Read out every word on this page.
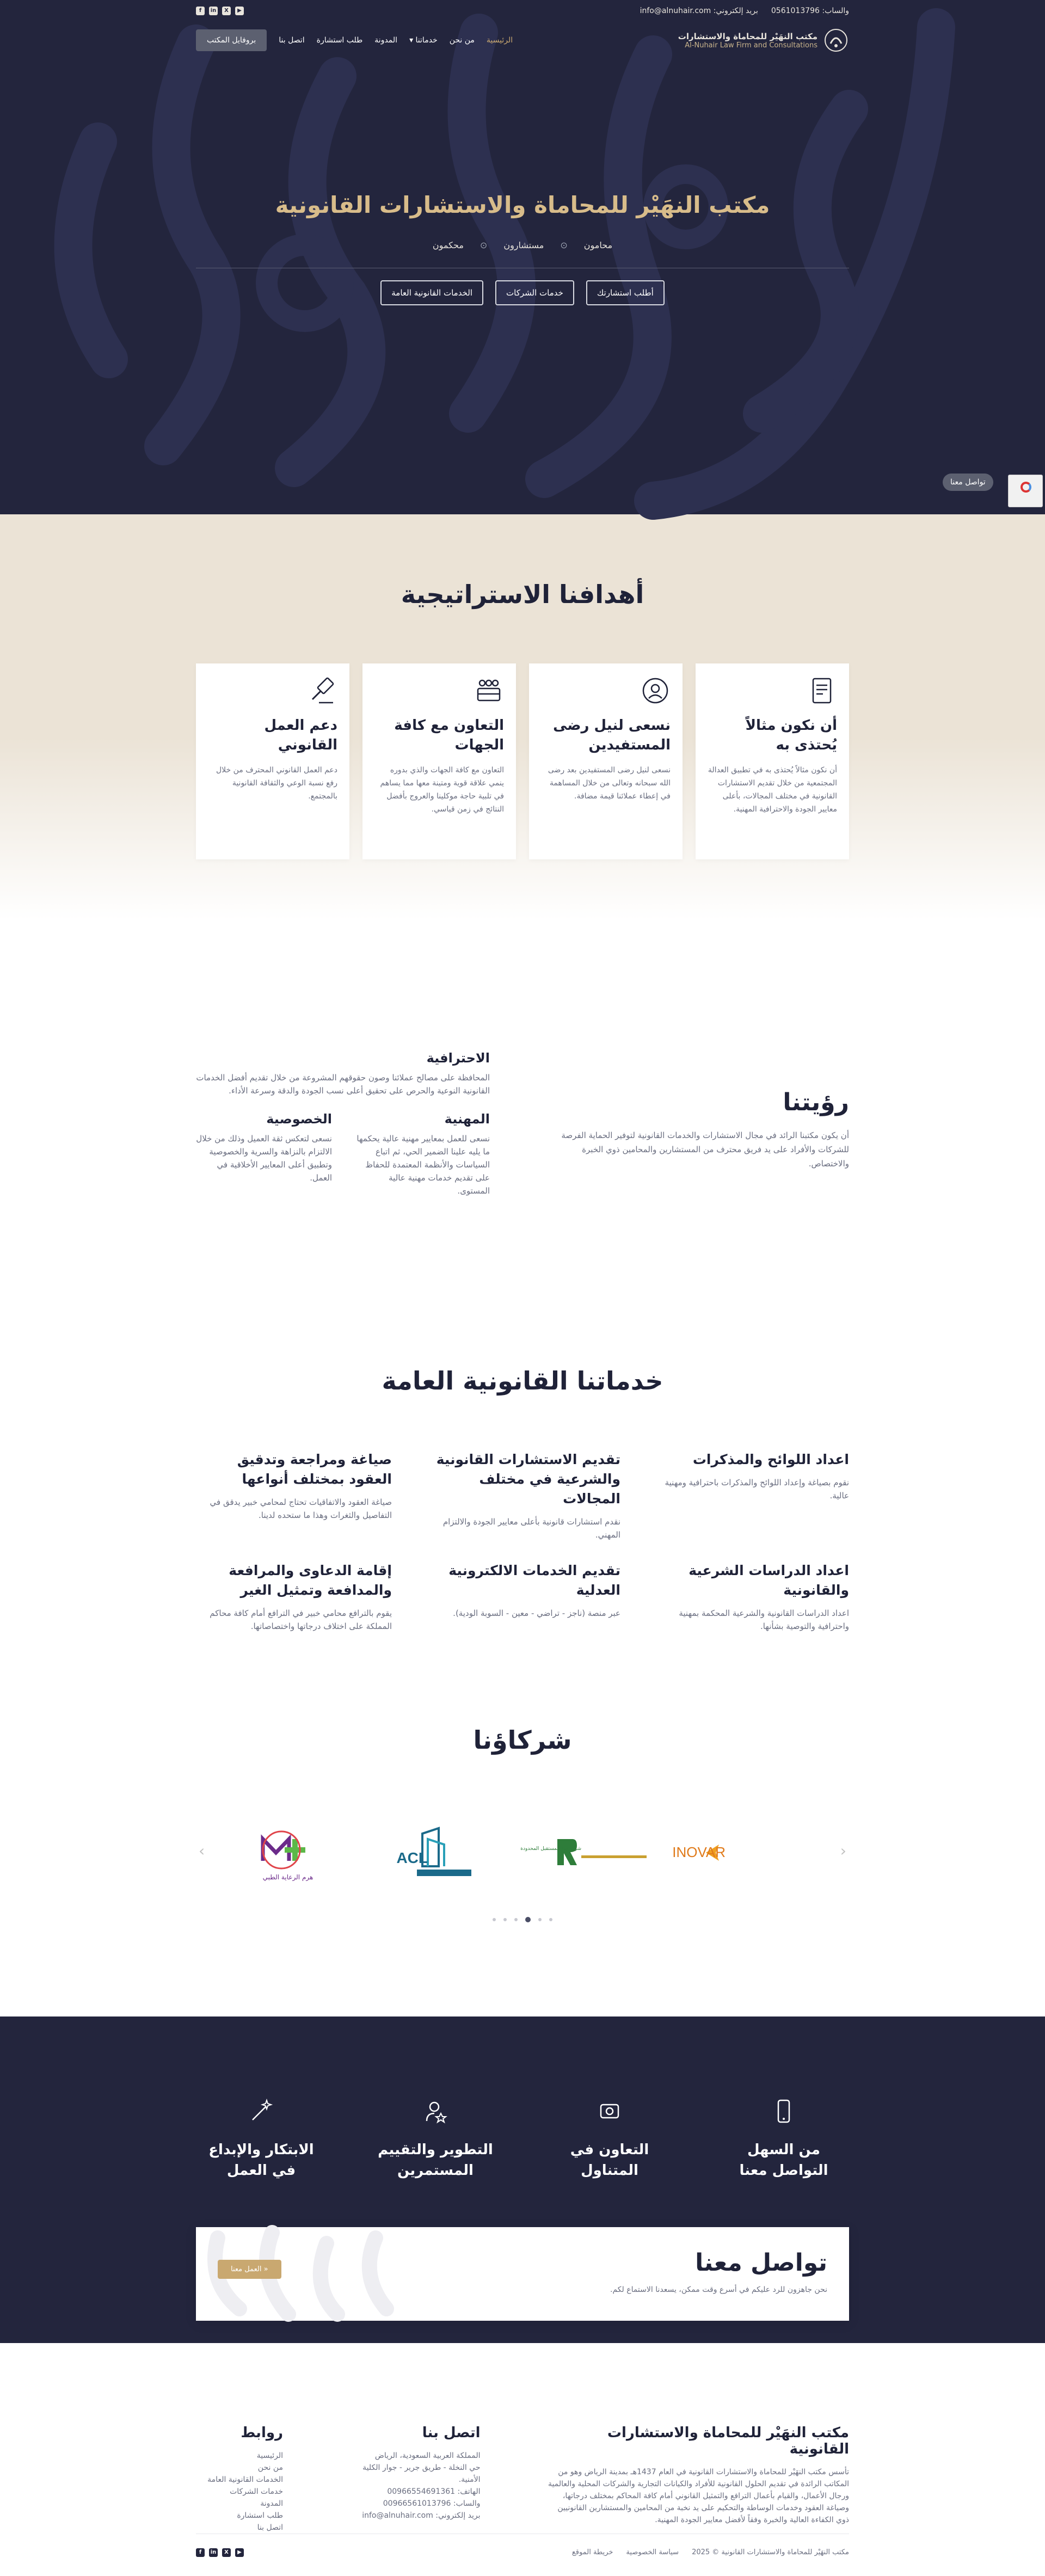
والساب: 0561013796
بريد إلكتروني: info@alnuhair.com
f	in	X	▶
مكتب النهَيْر للمحاماة والاستشارات
Al-Nuhair Law Firm and Consultations
الرئيسية
من نحن
خدماتنا ▾
المدونة
طلب استشارة
اتصل بنا
بروفايل المكتب
مكتب النهَيْر للمحاماة والاستشارات القانونية
محامون
⊙
مستشارون
⊙
محكمون
أطلب استشارتك
خدمات الشركات
الخدمات القانونية العامة
تواصل معنا
أهدافنا الاستراتيجية
أن نكون مثالاً يُحتذى به

أن نكون مثالاً يُحتذى به في تطبيق العدالة المجتمعية من خلال تقديم الاستشارات القانونية في مختلف المجالات، بأعلى معايير الجودة والاحترافية المهنية.

نسعى لنيل رضى المستفيدين

نسعى لنيل رضى المستفيدين بعد رضى الله سبحانه وتعالى من خلال المساهمة في إعطاء عملائنا قيمة مضافة.

التعاون مع كافة الجهات

التعاون مع كافة الجهات والذي بدوره ينمي علاقة قوية ومتينة معها مما يساهم في تلبية حاجة موكلينا والعروج بأفضل النتائج في زمن قياسي.

دعم العمل القانوني

دعم العمل القانوني المحترف من خلال رفع نسبة الوعي والثقافة القانونية بالمجتمع.

رؤيتنا

أن يكون مكتبنا الرائد في مجال الاستشارات والخدمات القانونية لتوفير الحماية الفرصة للشركات والأفراد على يد فريق محترف من المستشارين والمحامين ذوي الخبرة والاختصاص.

الاحترافية

المحافظة على مصالح عملائنا وصون حقوقهم المشروعة من خلال تقديم أفضل الخدمات القانونية النوعية والحرص على تحقيق أعلى نسب الجودة والدقة وسرعة الأداء.

المهنية

نسعى للعمل بمعايير مهنية عالية يحكمها ما يليه علينا الضمير الحي، ثم اتباع السياسات والأنظمة المعتمدة للحفاظ على تقديم خدمات مهنية عالية المستوى.

الخصوصية

نسعى لتعكس ثقة العميل وذلك من خلال الالتزام بالنزاهة والسرية والخصوصية وتطبيق أعلى المعايير الأخلاقية في العمل.

خدماتنا القانونية العامة
اعداد اللوائح والمذكرات

نقوم بصياغة وإعداد اللوائح والمذكرات باحترافية ومهنية عالية.

تقديم الاستشارات القانونية والشرعية في مختلف المجالات

نقدم استشارات قانونية بأعلى معايير الجودة والالتزام المهني.

صياغة ومراجعة وتدقيق العقود بمختلف أنواعها

صياغة العقود والاتفاقيات تحتاج لمحامي خبير يدقق في التفاصيل والثغرات وهذا ما ستحده لدينا.

اعداد الدراسات الشرعية والقانونية

اعداد الدراسات القانونية والشرعية المحكمة بمهنية واحترافية والتوصية بشأنها.

تقديم الخدمات الالكترونية العدلية

عبر منصة (ناجز - تراضي - معين - السوبة الودية).

إقامة الدعاوى والمرافعة والمدافعة وتمثيل الغير

يقوم بالترافع محامي خبير في الترافع أمام كافة محاكم المملكة على اختلاف درجاتها واختصاصاتها.

شركاؤنا
‹
INOVAR
شركة بناء المستقبل المحدودة
ACL
هرم الرعاية الطبي
›
من السهل التواصل معنا
التعاون في المتناول
التطوير والتقييم المستمرين
الابتكار والإبداع في العمل
تواصل معنا

نحن جاهزون للرد عليكم في أسرع وقت ممكن، يسعدنا الاستماع لكم.

« العمل معنا
مكتب النهَيْر للمحاماة والاستشارات القانونية

تأسس مكتب النهَيْر للمحاماة والاستشارات القانونية في العام 1437هـ بمدينة الرياض وهو من المكاتب الرائدة في تقديم الحلول القانونية للأفراد والكيانات التجارية والشركات المحلية والعالمية ورجال الأعمال، والقيام بأعمال الترافع والتمثيل القانوني أمام كافة المحاكم بمختلف درجاتها، وصياغة العقود وخدمات الوساطة والتحكيم على يد نخبة من المحامين والمستشارين القانونيين ذوي الكفاءة العالية والخبرة وفقاً لأفضل معايير الجودة المهنية.

اتصل بنا

المملكة العربية السعودية، الرياض

حي النخلة - طريق جرير - جوار الكلية الأمنية.

الهاتف: 00966554691361

والساب: 00966561013796

بريد إلكتروني: info@alnuhair.com

روابط
الرئيسية
من نحن
الخدمات القانونية العامة
خدمات الشركات
المدونة
طلب استشارة
اتصل بنا
مكتب النهَيْر للمحاماة والاستشارات القانونية © 2025
سياسة الخصوصية
خريطة الموقع
f	in	X	▶
